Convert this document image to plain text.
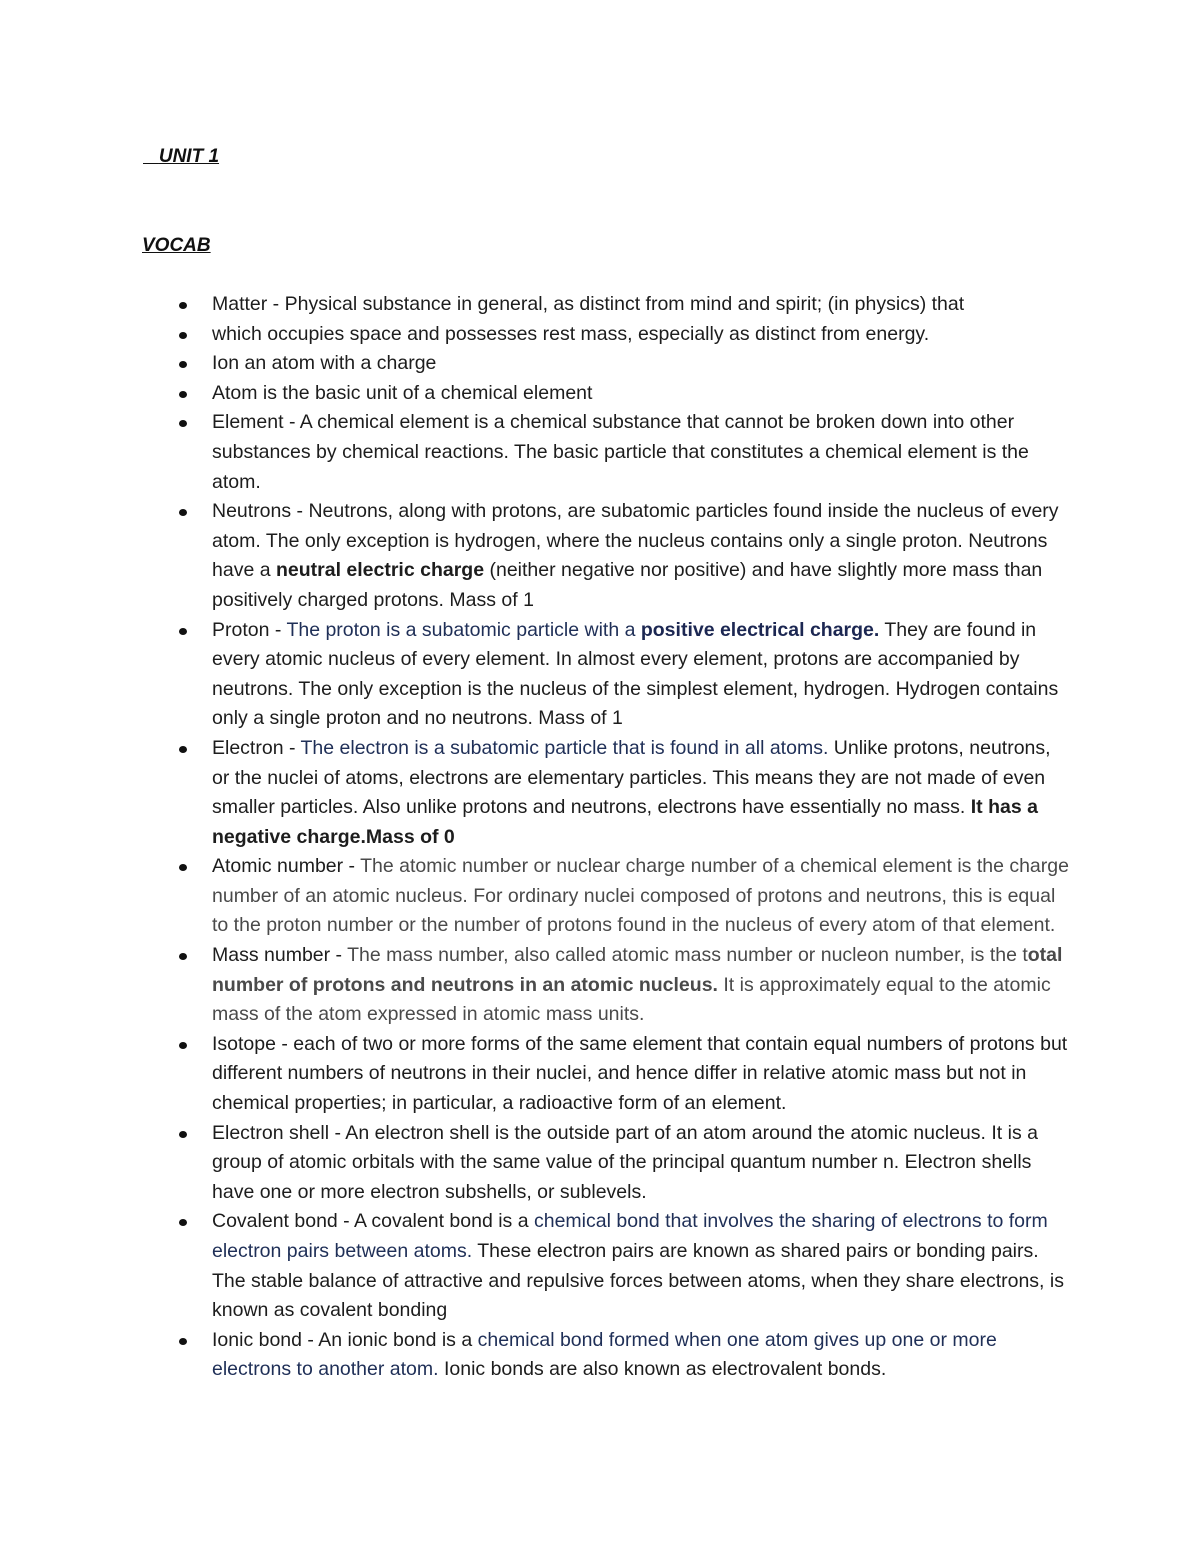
UNIT 1

VOCAB

Matter - Physical substance in general, as distinct from mind and spirit; (in physics) that
which occupies space and possesses rest mass, especially as distinct from energy.
Ion an atom with a charge
Atom is the basic unit of a chemical element
Element - A chemical element is a chemical substance that cannot be broken down into other substances by chemical reactions. The basic particle that constitutes a chemical element is the atom.
Neutrons - Neutrons, along with protons, are subatomic particles found inside the nucleus of every atom. The only exception is hydrogen, where the nucleus contains only a single proton. Neutrons have a neutral electric charge (neither negative nor positive) and have slightly more mass than positively charged protons. Mass of 1
Proton - The proton is a subatomic particle with a positive electrical charge. They are found in every atomic nucleus of every element. In almost every element, protons are accompanied by neutrons. The only exception is the nucleus of the simplest element, hydrogen. Hydrogen contains only a single proton and no neutrons. Mass of 1
Electron - The electron is a subatomic particle that is found in all atoms. Unlike protons, neutrons, or the nuclei of atoms, electrons are elementary particles. This means they are not made of even smaller particles. Also unlike protons and neutrons, electrons have essentially no mass. It has a negative charge.Mass of 0
Atomic number - The atomic number or nuclear charge number of a chemical element is the charge number of an atomic nucleus. For ordinary nuclei composed of protons and neutrons, this is equal to the proton number or the number of protons found in the nucleus of every atom of that element.
Mass number - The mass number, also called atomic mass number or nucleon number, is the total number of protons and neutrons in an atomic nucleus. It is approximately equal to the atomic mass of the atom expressed in atomic mass units.
Isotope - each of two or more forms of the same element that contain equal numbers of protons but different numbers of neutrons in their nuclei, and hence differ in relative atomic mass but not in chemical properties; in particular, a radioactive form of an element.
Electron shell - An electron shell is the outside part of an atom around the atomic nucleus. It is a group of atomic orbitals with the same value of the principal quantum number n. Electron shells have one or more electron subshells, or sublevels.
Covalent bond - A covalent bond is a chemical bond that involves the sharing of electrons to form electron pairs between atoms. These electron pairs are known as shared pairs or bonding pairs. The stable balance of attractive and repulsive forces between atoms, when they share electrons, is known as covalent bonding
Ionic bond - An ionic bond is a chemical bond formed when one atom gives up one or more electrons to another atom. Ionic bonds are also known as electrovalent bonds.
